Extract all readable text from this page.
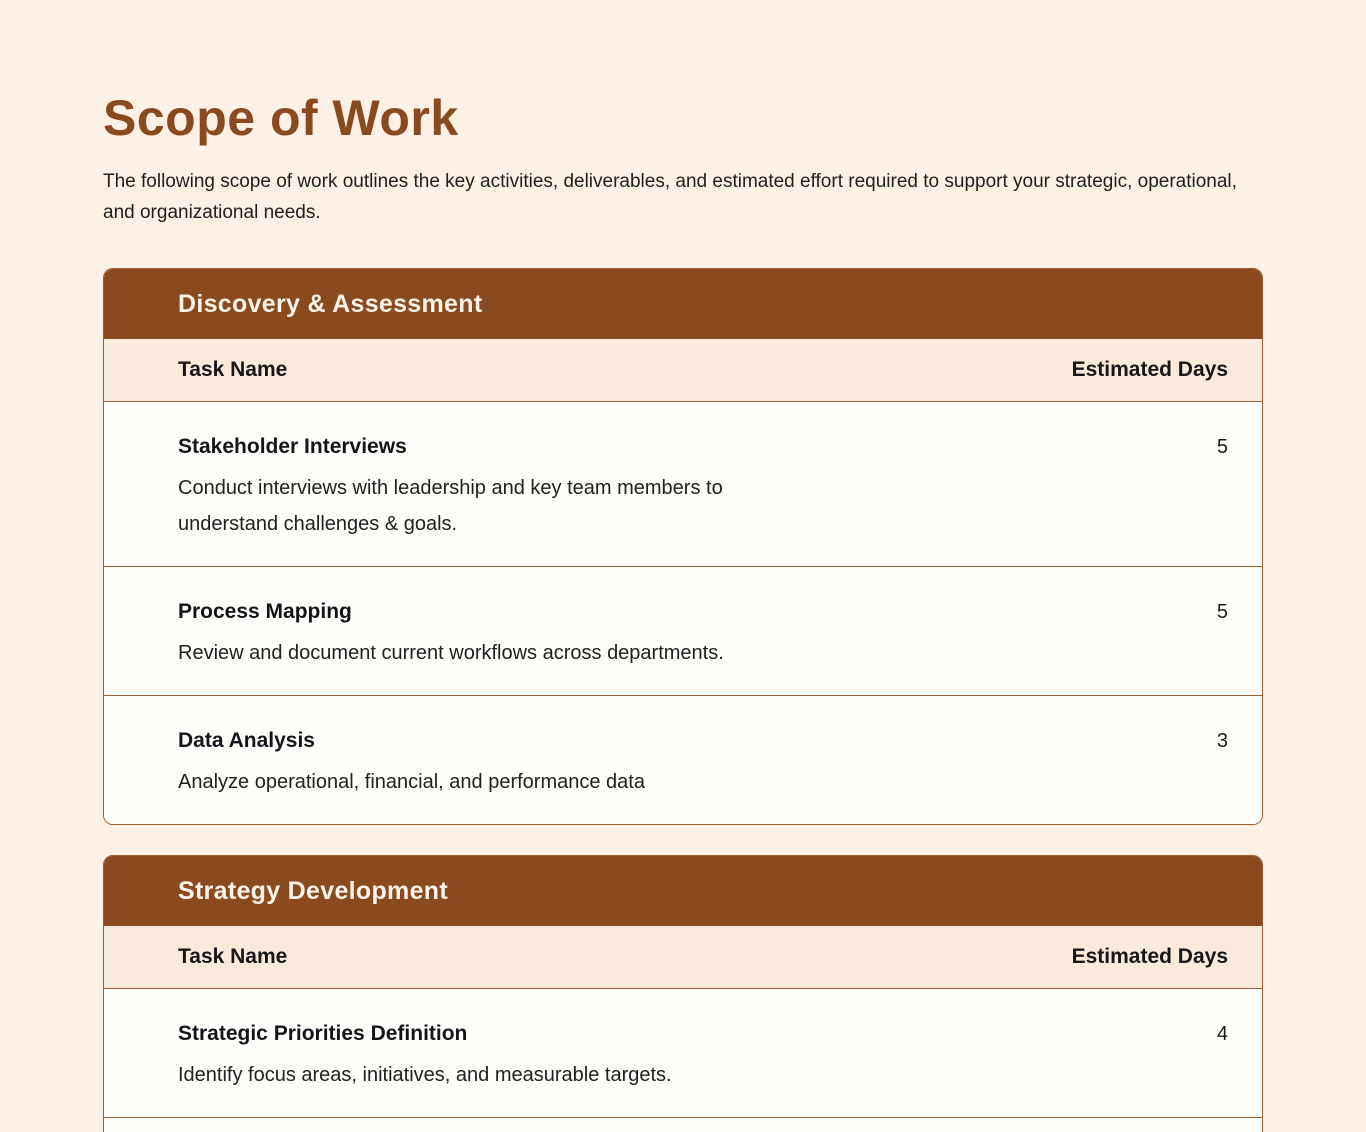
Scope of Work

The following scope of work outlines the key activities, deliverables, and estimated effort required to support your strategic, operational, and organizational needs.

Discovery & Assessment
Task Name	Estimated Days
Stakeholder Interviews
Conduct interviews with leadership and key team members to understand challenges & goals.
5
Process Mapping
Review and document current workflows across departments.
5
Data Analysis
Analyze operational, financial, and performance data
3
Strategy Development
Task Name	Estimated Days
Strategic Priorities Definition
Identify focus areas, initiatives, and measurable targets.
4
